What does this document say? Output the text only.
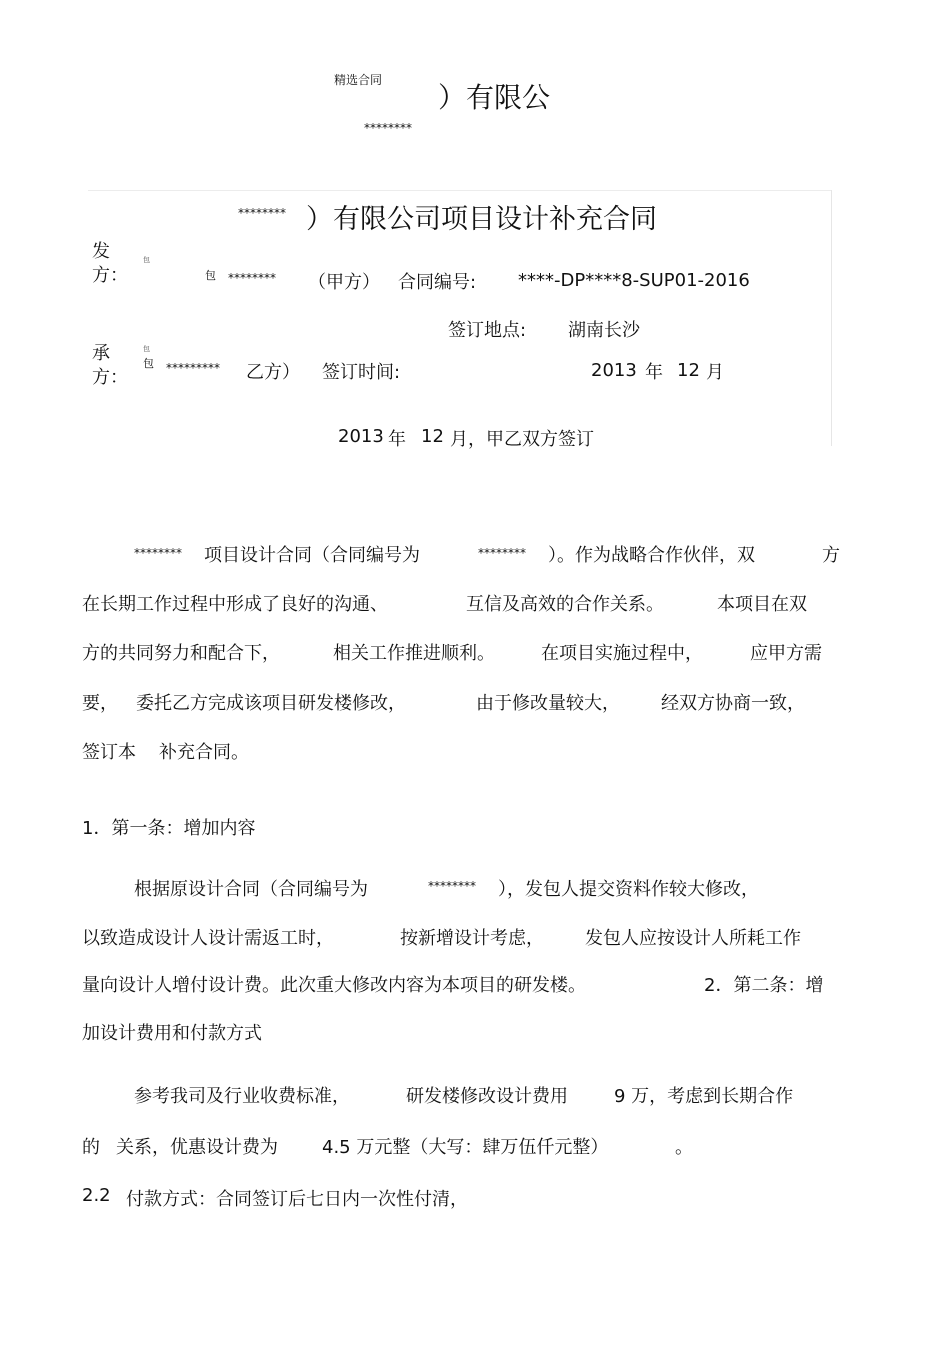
精选合同
）有限公
********
******** ）有限公司项目设计补充合同
发方：
包
包 ******** （甲方） 合同编号: ****-DP****8-SUP01-2016
签订地点: 湖南长沙
承方：
包
包 ********* 乙方） 签订时间:	2013 年 12 月
2013 年 12 月，甲乙双方签订
******** 项目设计合同（合同编号为	******** ）。作为战略合作伙伴，双	方
在长期工作过程中形成了良好的沟通、	互信及高效的合作关系。	本项目在双
方的共同努力和配合下，	相关工作推进顺利。	在项目实施过程中，	应甲方需
要， 委托乙方完成该项目研发楼修改，	由于修改量较大， 经双方协商一致，
签订本 补充合同。
1．第一条：增加内容
根据原设计合同（合同编号为	******** ），发包人提交资料作较大修改，
以致造成设计人设计需返工时，	按新增设计考虑， 发包人应按设计人所耗工作
量向设计人增付设计费。此次重大修改内容为本项目的研发楼。	2．第二条：增
加设计费用和付款方式
参考我司及行业收费标准，	研发楼修改设计费用	9 万，考虑到长期合作
的 关系，优惠设计费为 4.5 万元整（大写：肆万伍仟元整）	。
2.2 付款方式：合同签订后七日内一次性付清，
